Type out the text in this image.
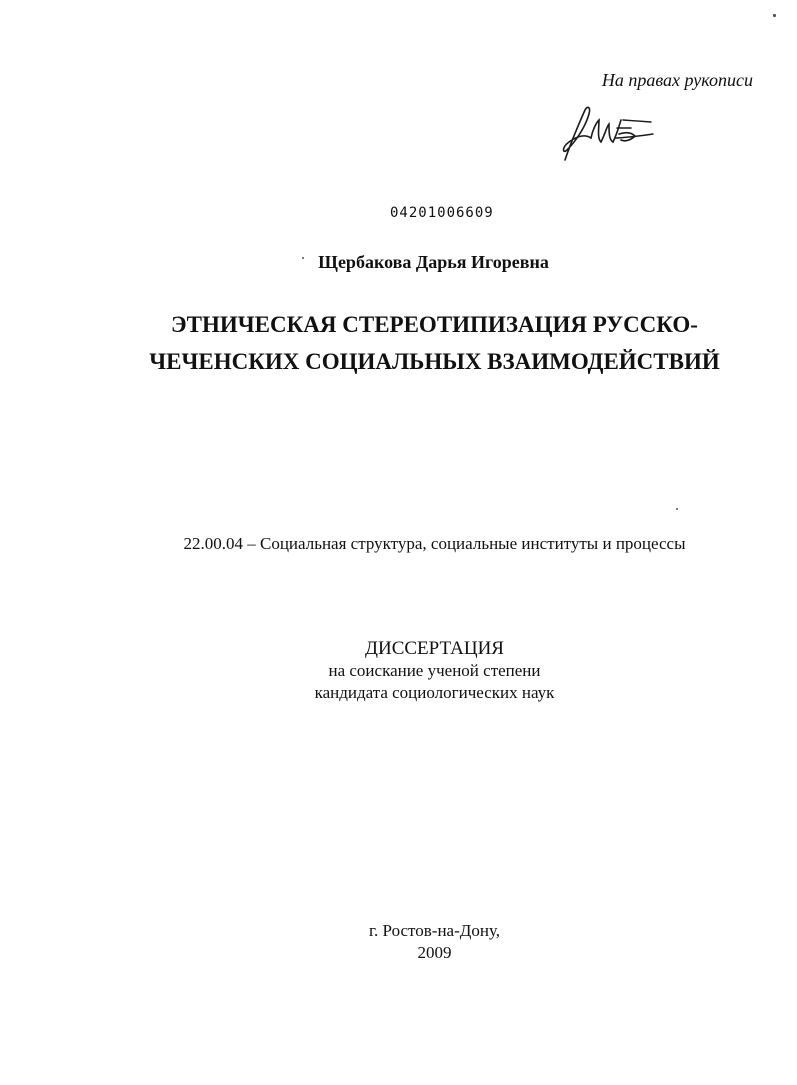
На правах рукописи
04201006609
Щербакова Дарья Игоревна
ЭТНИЧЕСКАЯ СТЕРЕОТИПИЗАЦИЯ РУССКО-
ЧЕЧЕНСКИХ СОЦИАЛЬНЫХ ВЗАИМОДЕЙСТВИЙ
22.00.04 – Социальная структура, социальные институты и процессы
ДИССЕРТАЦИЯ
на соискание ученой степени
кандидата социологических наук
г. Ростов-на-Дону,
2009
